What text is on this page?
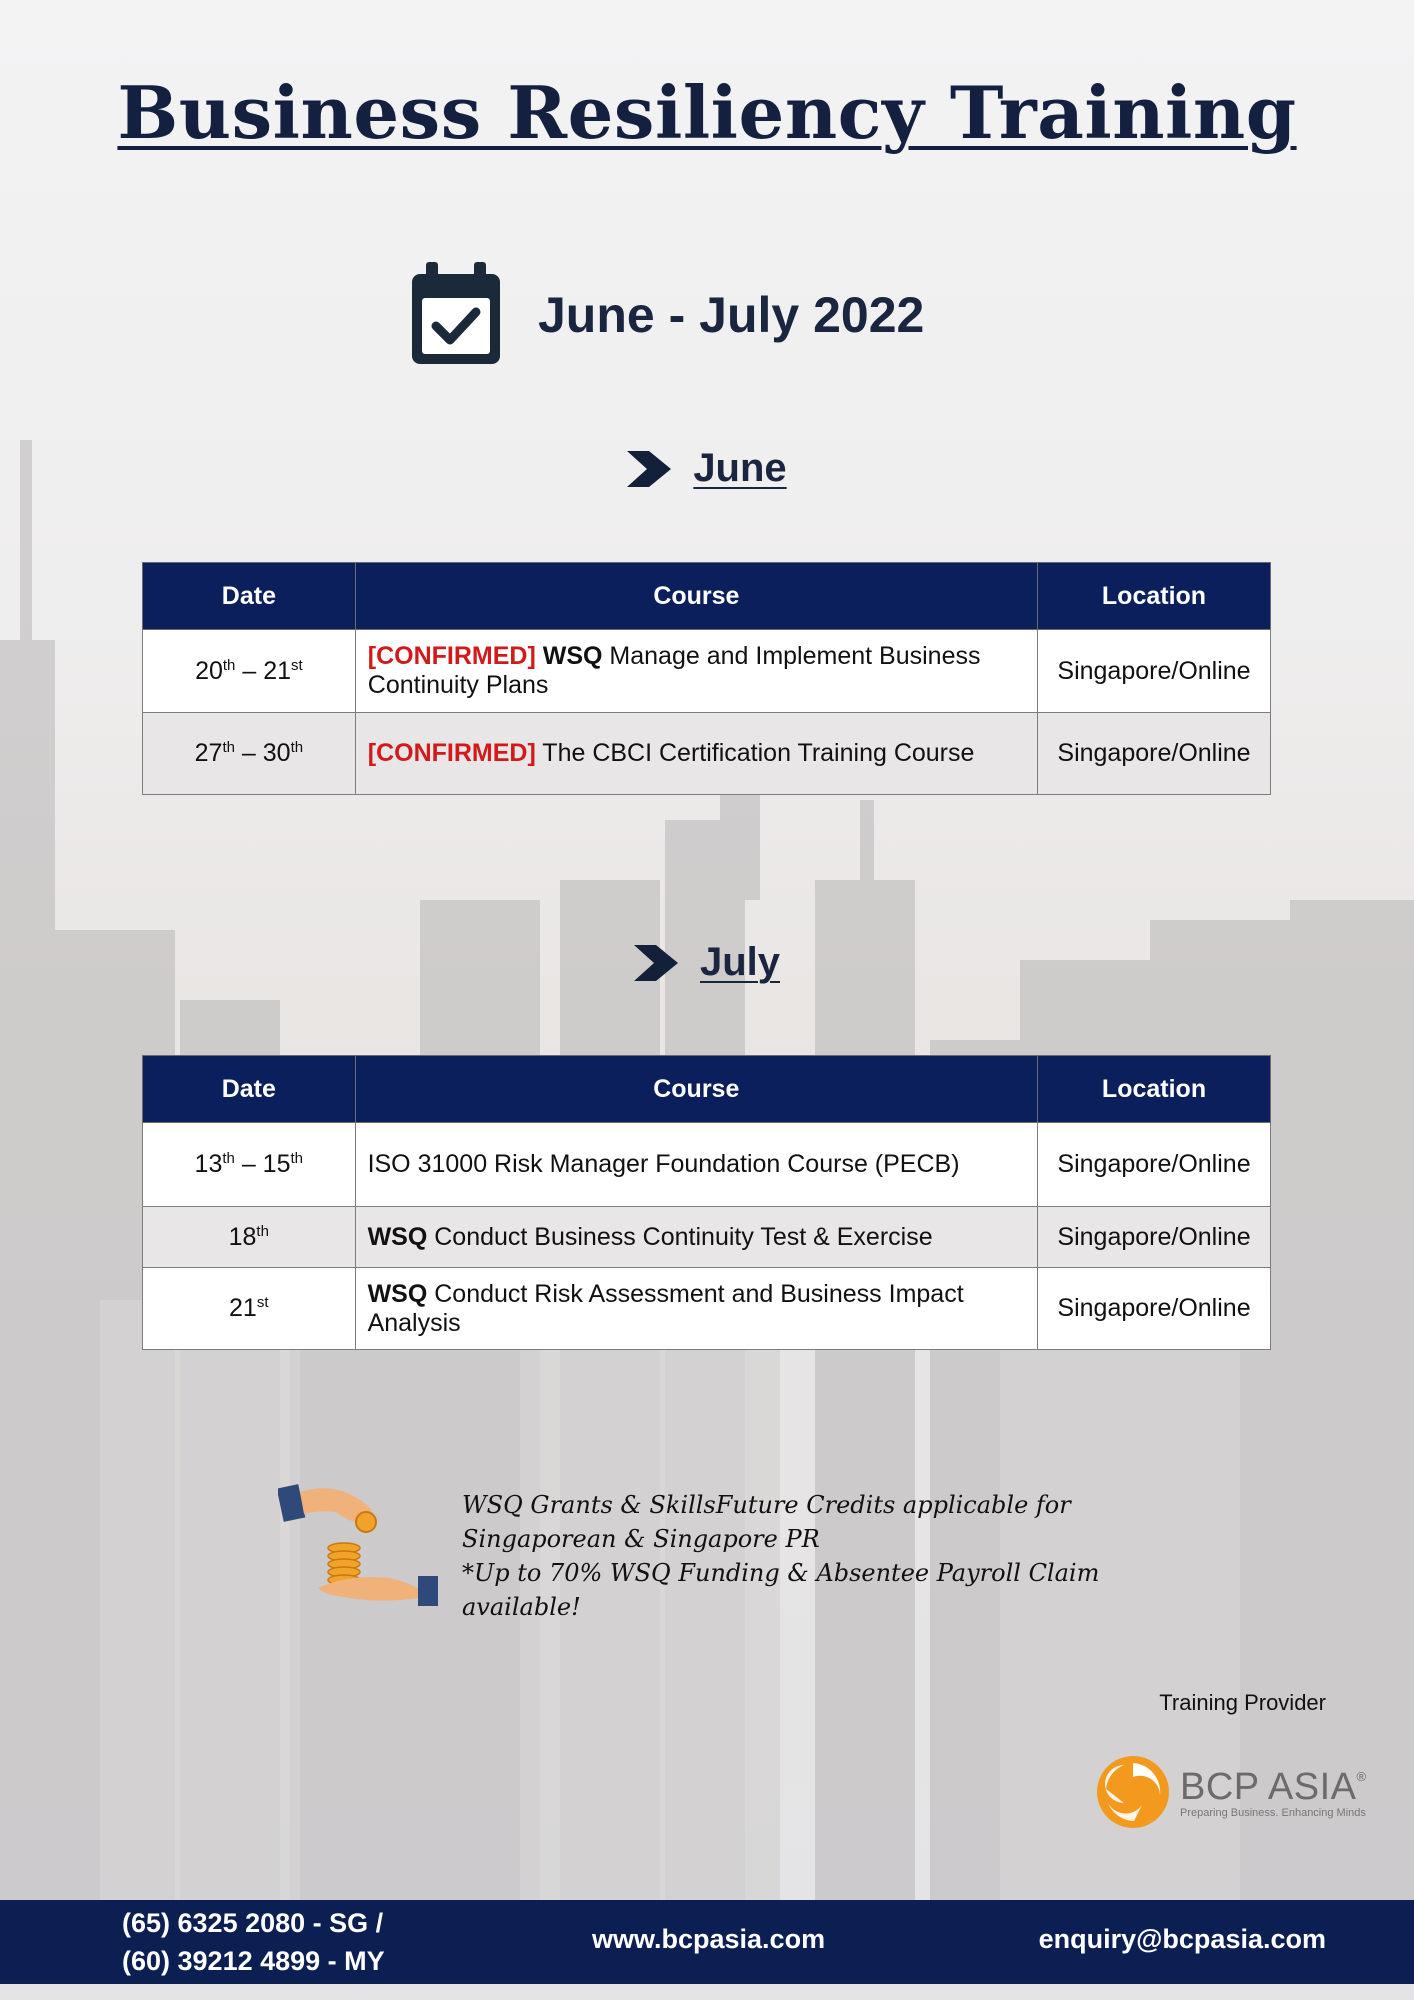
Business Resiliency Training
June - July 2022
June
Date	Course	Location
20th – 21st	[CONFIRMED] WSQ Manage and Implement Business Continuity Plans	Singapore/Online
27th – 30th	[CONFIRMED] The CBCI Certification Training Course	Singapore/Online
July
Date	Course	Location
13th – 15th	ISO 31000 Risk Manager Foundation Course (PECB)	Singapore/Online
18th	WSQ Conduct Business Continuity Test & Exercise	Singapore/Online
21st	WSQ Conduct Risk Assessment and Business Impact Analysis	Singapore/Online
WSQ Grants & SkillsFuture Credits applicable for Singaporean & Singapore PR
*Up to 70% WSQ Funding & Absentee Payroll Claim available!
Training Provider
BCP ASIA®
Preparing Business. Enhancing Minds
(65) 6325 2080 - SG /
(60) 39212 4899 - MY
www.bcpasia.com	enquiry@bcpasia.com
